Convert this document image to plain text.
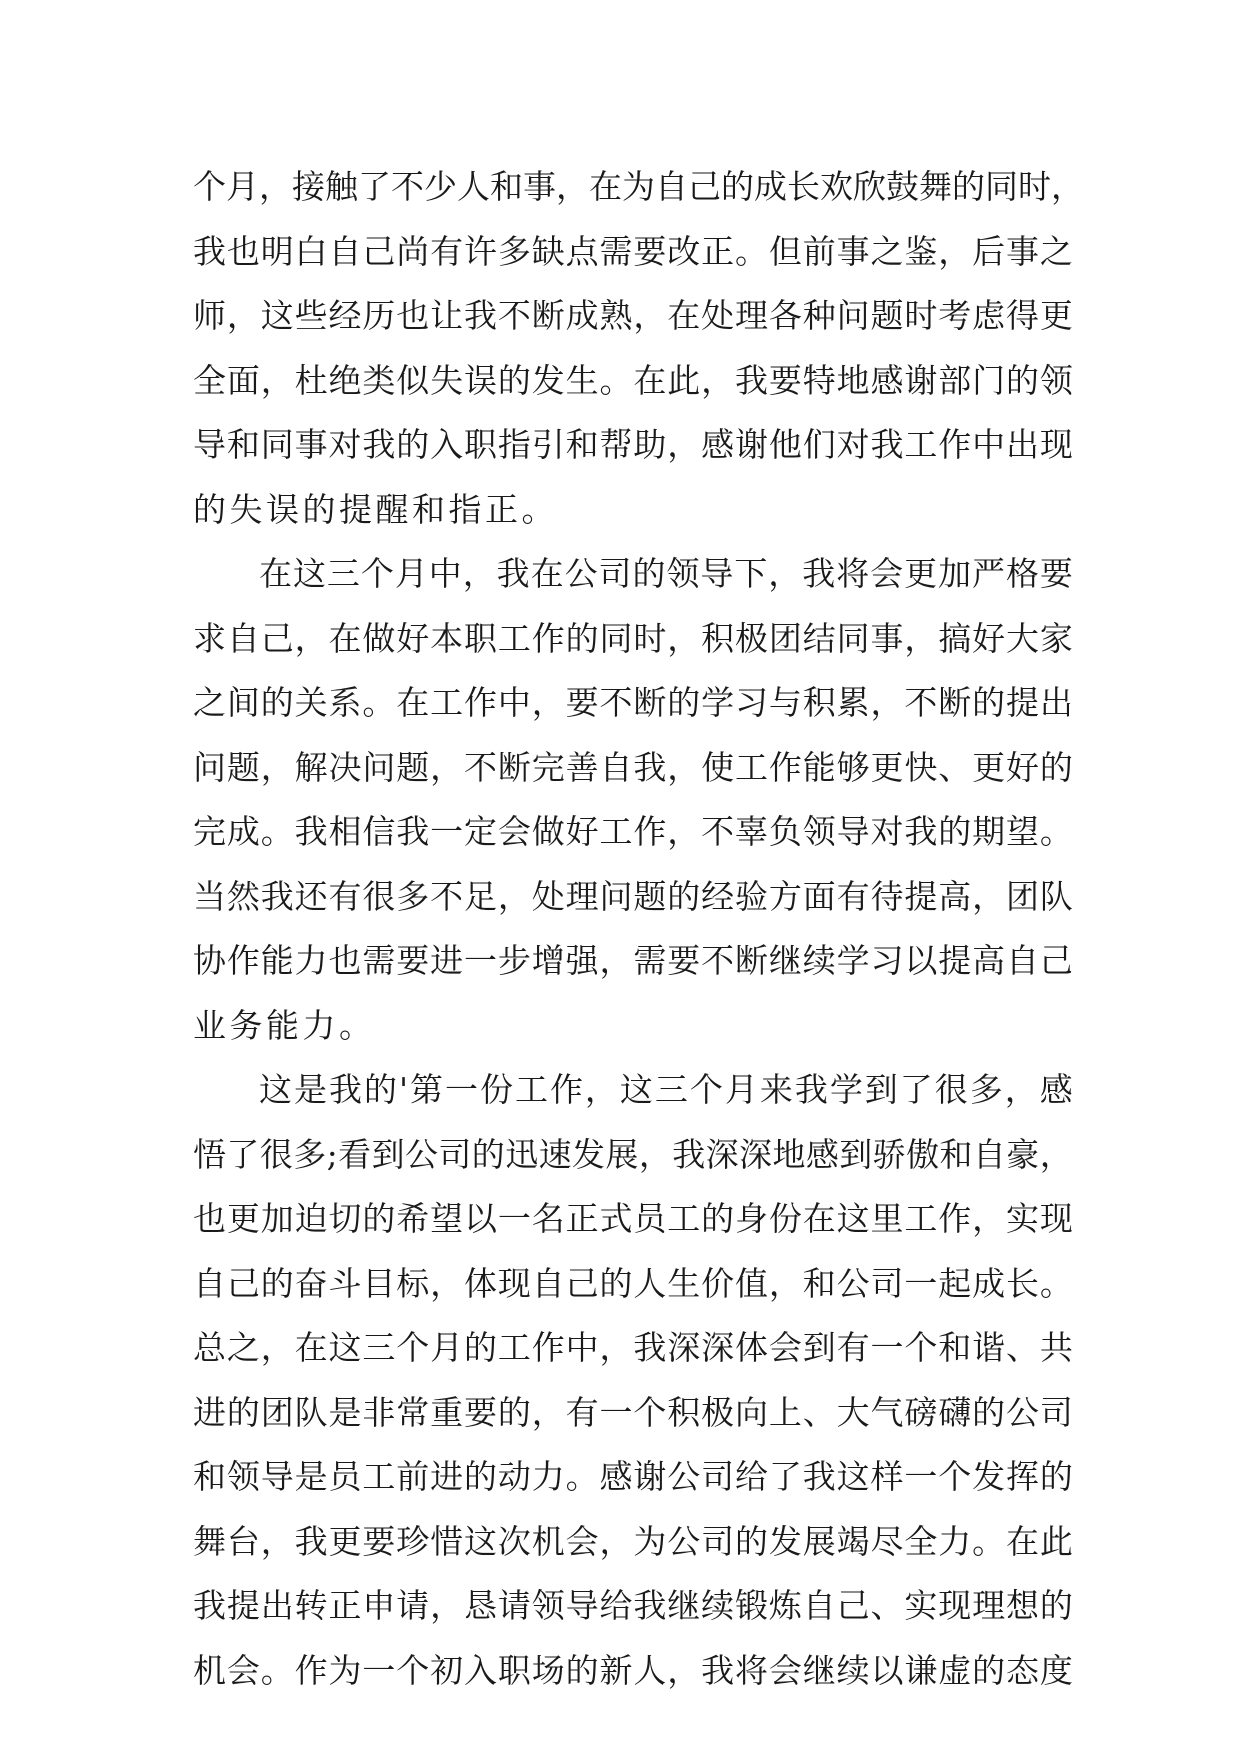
个 月 ， 接 触 了 不 少 人 和 事 ， 在 为 自 己 的 成 长 欢 欣 鼓 舞 的 同 时 ，
我 也 明 白 自 己 尚 有 许 多 缺 点 需 要 改 正 。 但 前 事 之 鉴 ， 后 事 之
师 ， 这 些 经 历 也 让 我 不 断 成 熟 ， 在 处 理 各 种 问 题 时 考 虑 得 更
全 面 ， 杜 绝 类 似 失 误 的 发 生 。 在 此 ， 我 要 特 地 感 谢 部 门 的 领
导 和 同 事 对 我 的 入 职 指 引 和 帮 助 ， 感 谢 他 们 对 我 工 作 中 出 现
的 失 误 的 提 醒 和 指 正 。
在 这 三 个 月 中 ， 我 在 公 司 的 领 导 下 ， 我 将 会 更 加 严 格 要
求 自 己 ， 在 做 好 本 职 工 作 的 同 时 ， 积 极 团 结 同 事 ， 搞 好 大 家
之 间 的 关 系 。 在 工 作 中 ， 要 不 断 的 学 习 与 积 累 ， 不 断 的 提 出
问 题 ， 解 决 问 题 ， 不 断 完 善 自 我 ， 使 工 作 能 够 更 快 、 更 好 的
完 成 。 我 相 信 我 一 定 会 做 好 工 作 ， 不 辜 负 领 导 对 我 的 期 望 。
当 然 我 还 有 很 多 不 足 ， 处 理 问 题 的 经 验 方 面 有 待 提 高 ， 团 队
协 作 能 力 也 需 要 进 一 步 增 强 ， 需 要 不 断 继 续 学 习 以 提 高 自 己
业 务 能 力 。
这 是 我 的 ' 第 一 份 工 作 ， 这 三 个 月 来 我 学 到 了 很 多 ， 感
悟 了 很 多 ; 看 到 公 司 的 迅 速 发 展 ， 我 深 深 地 感 到 骄 傲 和 自 豪 ，
也 更 加 迫 切 的 希 望 以 一 名 正 式 员 工 的 身 份 在 这 里 工 作 ， 实 现
自 己 的 奋 斗 目 标 ， 体 现 自 己 的 人 生 价 值 ， 和 公 司 一 起 成 长 。
总 之 ， 在 这 三 个 月 的 工 作 中 ， 我 深 深 体 会 到 有 一 个 和 谐 、 共
进 的 团 队 是 非 常 重 要 的 ， 有 一 个 积 极 向 上 、 大 气 磅 礴 的 公 司
和 领 导 是 员 工 前 进 的 动 力 。 感 谢 公 司 给 了 我 这 样 一 个 发 挥 的
舞 台 ， 我 更 要 珍 惜 这 次 机 会 ， 为 公 司 的 发 展 竭 尽 全 力 。 在 此
我 提 出 转 正 申 请 ， 恳 请 领 导 给 我 继 续 锻 炼 自 己 、 实 现 理 想 的
机 会 。 作 为 一 个 初 入 职 场 的 新 人 ， 我 将 会 继 续 以 谦 虚 的 态 度
